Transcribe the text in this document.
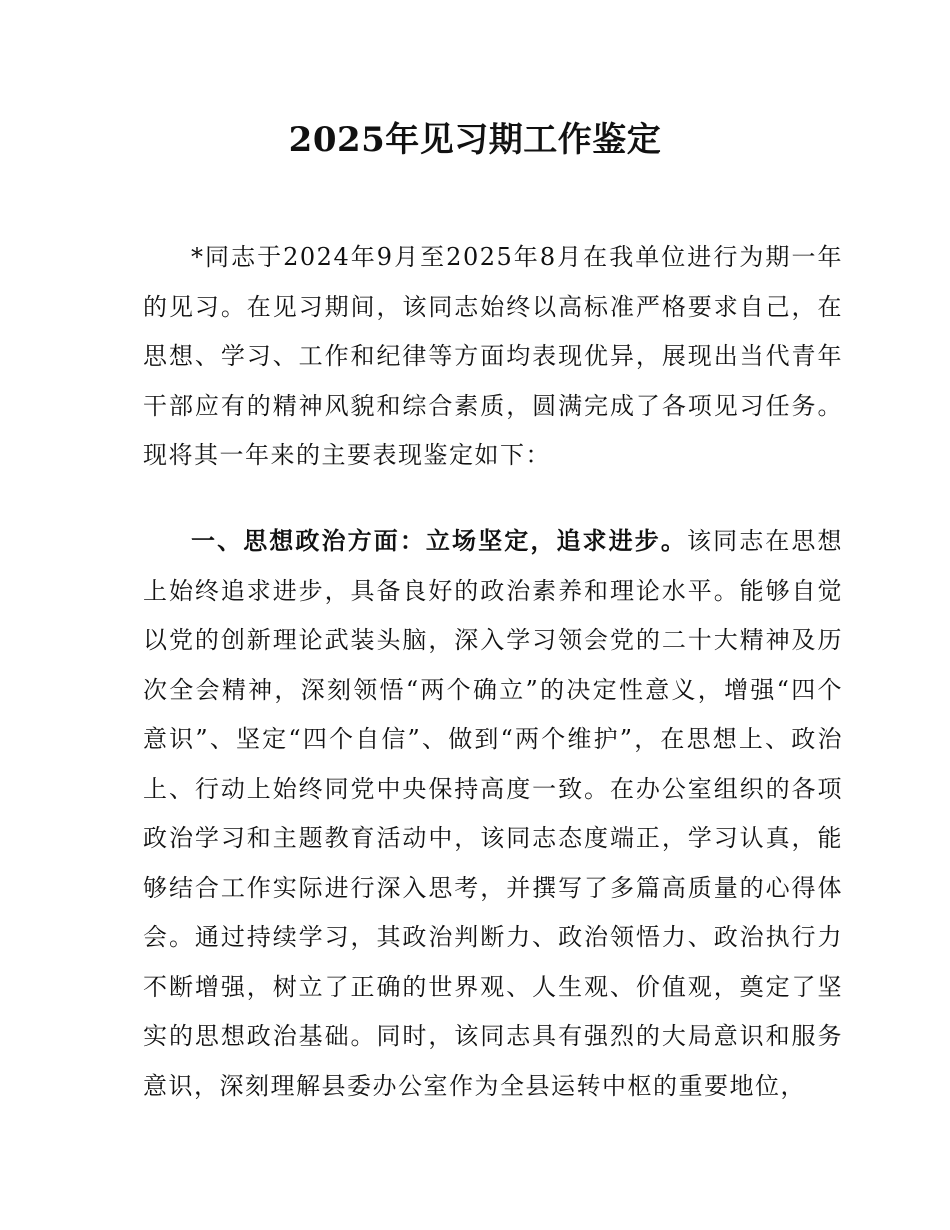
2025年见习期工作鉴定

*同志于2024年9月至2025年8月在我单位进行为期一年的见习。在见习期间，该同志始终以高标准严格要求自己，在思想、学习、工作和纪律等方面均表现优异，展现出当代青年干部应有的精神风貌和综合素质，圆满完成了各项见习任务。现将其一年来的主要表现鉴定如下：

一、思想政治方面：立场坚定，追求进步。该同志在思想上始终追求进步，具备良好的政治素养和理论水平。能够自觉以党的创新理论武装头脑，深入学习领会党的二十大精神及历次全会精神，深刻领悟“两个确立”的决定性意义，增强“四个意识”、坚定“四个自信”、做到“两个维护”，在思想上、政治上、行动上始终同党中央保持高度一致。在办公室组织的各项政治学习和主题教育活动中，该同志态度端正，学习认真，能够结合工作实际进行深入思考，并撰写了多篇高质量的心得体会。通过持续学习，其政治判断力、政治领悟力、政治执行力不断增强，树立了正确的世界观、人生观、价值观，奠定了坚实的思想政治基础。同时，该同志具有强烈的大局意识和服务意识，深刻理解县委办公室作为全县运转中枢的重要地位，
